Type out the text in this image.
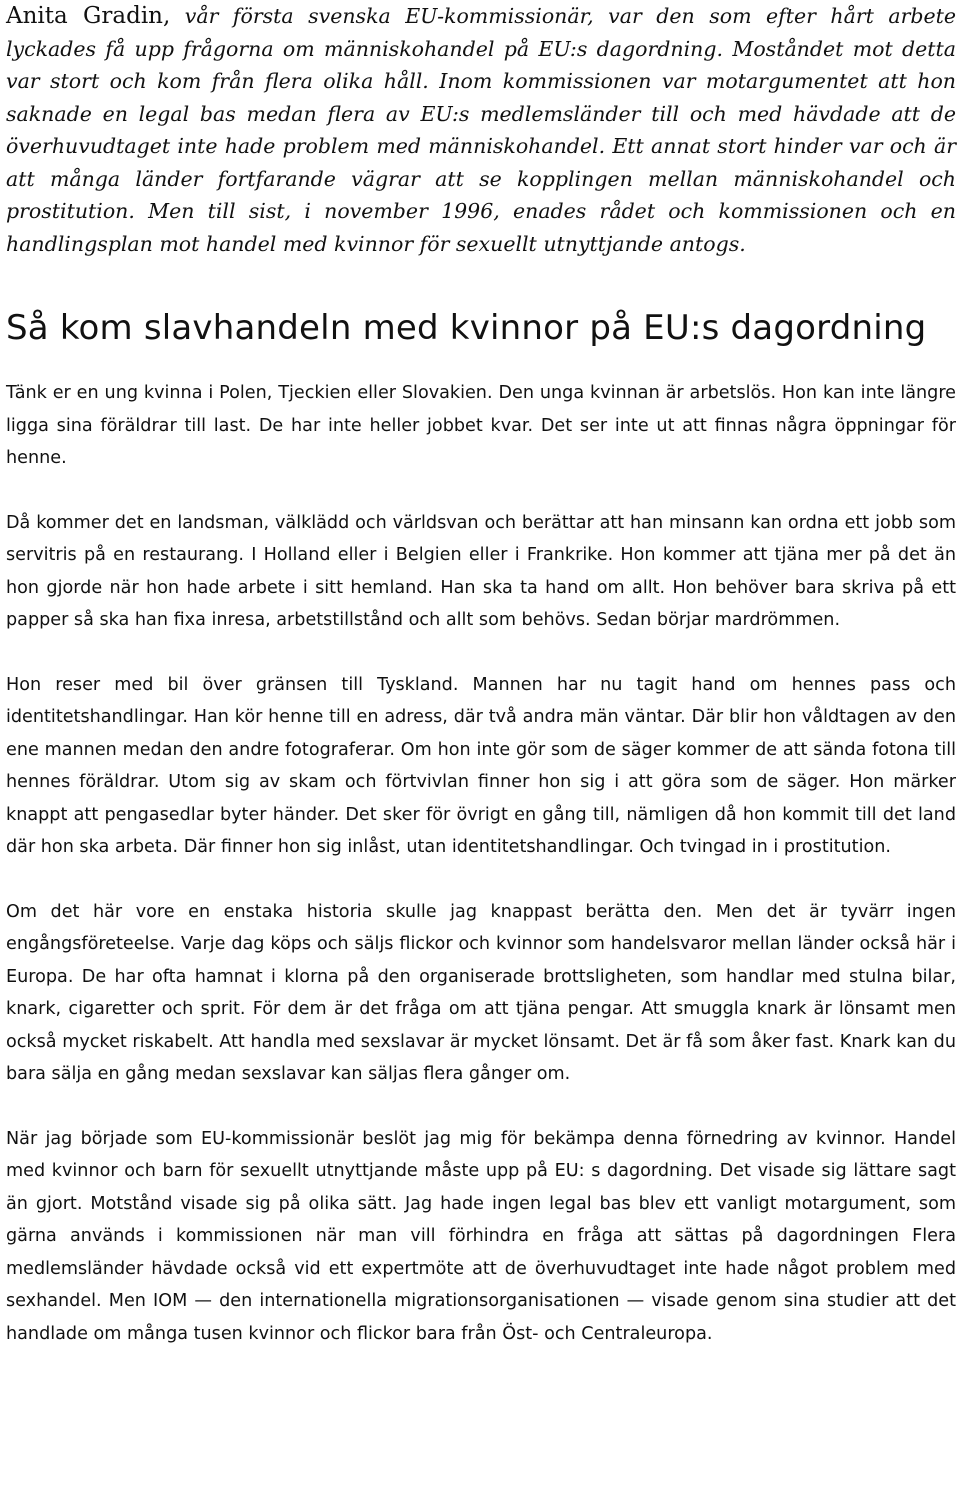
Anita Gradin, vår första svenska EU-kommissionär, var den som efter hårt arbete lyckades få upp frågorna om människohandel på EU:s dagordning. Moståndet mot detta var stort och kom från flera olika håll. Inom kommissionen var motargumentet att hon saknade en legal bas medan flera av EU:s medlemsländer till och med hävdade att de överhuvudtaget inte hade problem med människohandel. Ett annat stort hinder var och är att många länder fortfarande vägrar att se kopplingen mellan människohandel och prostitution. Men till sist, i november 1996, enades rådet och kommissionen och en handlingsplan mot handel med kvinnor för sexuellt utnyttjande antogs.

Så kom slavhandeln med kvinnor på EU:s dagordning

Tänk er en ung kvinna i Polen, Tjeckien eller Slovakien. Den unga kvinnan är arbetslös. Hon kan inte längre ligga sina föräldrar till last. De har inte heller jobbet kvar. Det ser inte ut att finnas några öppningar för henne.

Då kommer det en landsman, välklädd och världsvan och berättar att han minsann kan ordna ett jobb som servitris på en restaurang. I Holland eller i Belgien eller i Frankrike. Hon kommer att tjäna mer på det än hon gjorde när hon hade arbete i sitt hemland. Han ska ta hand om allt. Hon behöver bara skriva på ett papper så ska han fixa inresa, arbetstillstånd och allt som behövs. Sedan börjar mardrömmen.

Hon reser med bil över gränsen till Tyskland. Mannen har nu tagit hand om hennes pass och identitetshandlingar. Han kör henne till en adress, där två andra män väntar. Där blir hon våldtagen av den ene mannen medan den andre fotograferar. Om hon inte gör som de säger kommer de att sända fotona till hennes föräldrar. Utom sig av skam och förtvivlan finner hon sig i att göra som de säger. Hon märker knappt att pengasedlar byter händer. Det sker för övrigt en gång till, nämligen då hon kommit till det land där hon ska arbeta. Där finner hon sig inlåst, utan identitetshandlingar. Och tvingad in i prostitution.

Om det här vore en enstaka historia skulle jag knappast berätta den. Men det är tyvärr ingen engångsföreteelse. Varje dag köps och säljs flickor och kvinnor som handelsvaror mellan länder också här i Europa. De har ofta hamnat i klorna på den organiserade brottsligheten, som handlar med stulna bilar, knark, cigaretter och sprit. För dem är det fråga om att tjäna pengar. Att smuggla knark är lönsamt men också mycket riskabelt. Att handla med sexslavar är mycket lönsamt. Det är få som åker fast. Knark kan du bara sälja en gång medan sexslavar kan säljas flera gånger om.

När jag började som EU-kommissionär beslöt jag mig för bekämpa denna förnedring av kvinnor. Handel med kvinnor och barn för sexuellt utnyttjande måste upp på EU: s dagordning. Det visade sig lättare sagt än gjort. Motstånd visade sig på olika sätt. Jag hade ingen legal bas blev ett vanligt motargument, som gärna används i kommissionen när man vill förhindra en fråga att sättas på dagordningen Flera medlemsländer hävdade också vid ett expertmöte att de överhuvudtaget inte hade något problem med sexhandel. Men IOM — den internationella migrationsorganisationen — visade genom sina studier att det handlade om många tusen kvinnor och flickor bara från Öst- och Centraleuropa.
